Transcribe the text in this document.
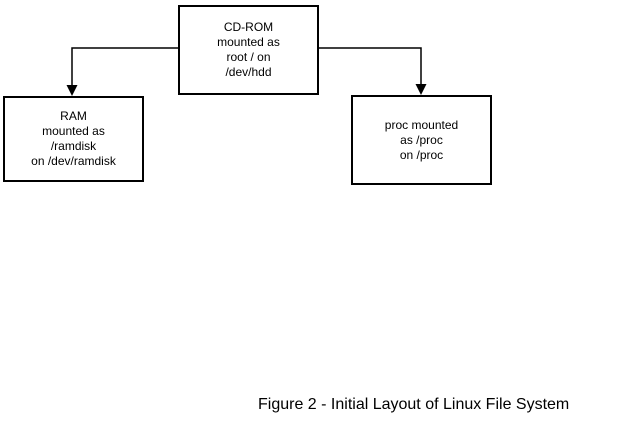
CD-ROM
mounted as
root / on
/dev/hdd
RAM
mounted as
/ramdisk
on /dev/ramdisk
proc mounted
as /proc
on /proc
Figure 2 - Initial Layout of Linux File System
